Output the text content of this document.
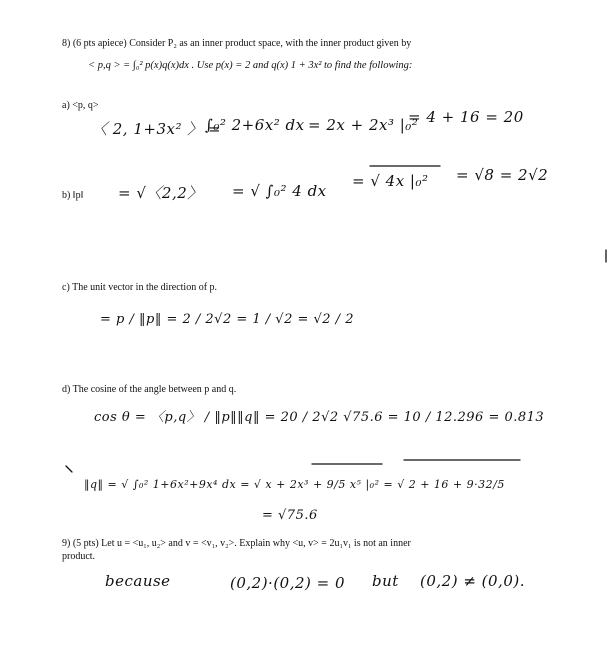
8) (6 pts apiece) Consider P₂ as an inner product space, with the inner product given by
< p,q > = ∫₀² p(x)q(x)dx . Use p(x) = 2 and q(x) 1 + 3x² to find the following:
a) <p, q>
〈 2, 1+3x² 〉 =
∫₀² 2+6x² dx = 2x + 2x³ |₀²
= 4 + 16 = 20
b) ‖p‖ = √〈2,2〉 = √ ∫₀² 4 dx
= √ 4x |₀² = √8 = 2√2
c) The unit vector in the direction of p.
= p / ‖p‖ = 2 / 2√2 = 1 / √2 = √2 / 2
d) The cosine of the angle between p and q.
cos θ = 〈p,q〉 / ‖p‖‖q‖ = 20 / 2√2 √75.6 = 10 / 12.296 = 0.813
‖q‖ = √ ∫₀² 1+6x²+9x⁴ dx = √ x + 2x³ + 9/5 x⁵ |₀² = √ 2 + 16 + 9·32/5
= √75.6
9) (5 pts) Let u = <u₁, u₂> and v = <v₁, v₂>. Explain why <u, v> = 2u₁v₁ is not an inner
product.
because	(0,2)·(0,2) = 0 but (0,2) ≠ (0,0).
